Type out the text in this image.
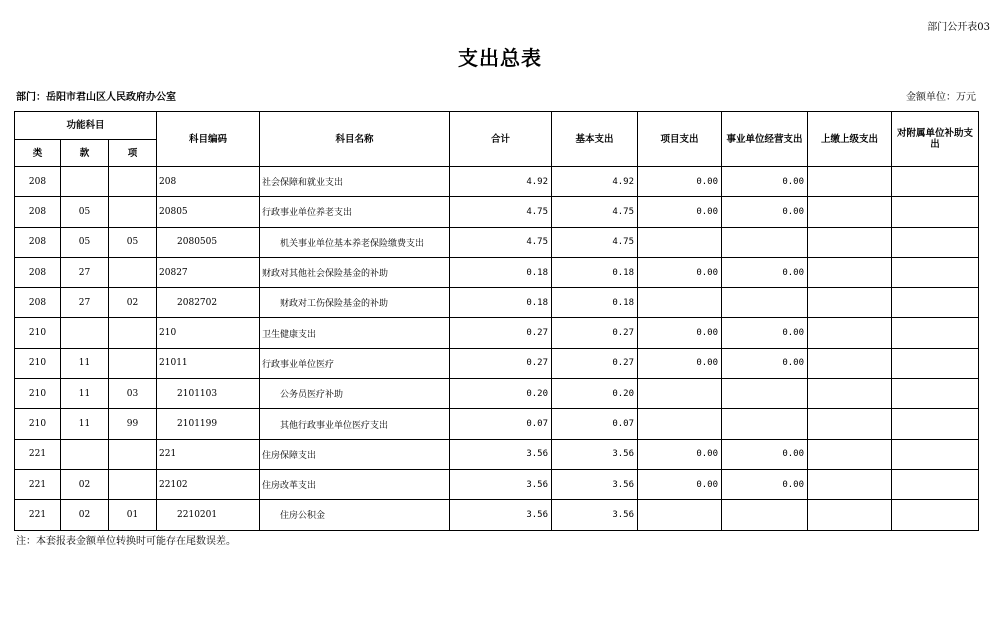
部门公开表03
支出总表
部门：岳阳市君山区人民政府办公室	金额单位：万元
功能科目			科目编码	科目名称	合计	基本支出	项目支出	事业单位经营支出	上缴上级支出	对附属单位补助支出
类	款	项								
208			208	社会保障和就业支出	4.92	4.92	0.00	0.00		
208	05		20805	行政事业单位养老支出	4.75	4.75	0.00	0.00		
208	05	05	2080505	机关事业单位基本养老保险缴费支出	4.75	4.75				
208	27		20827	财政对其他社会保险基金的补助	0.18	0.18	0.00	0.00		
208	27	02	2082702	财政对工伤保险基金的补助	0.18	0.18				
210			210	卫生健康支出	0.27	0.27	0.00	0.00		
210	11		21011	行政事业单位医疗	0.27	0.27	0.00	0.00		
210	11	03	2101103	公务员医疗补助	0.20	0.20				
210	11	99	2101199	其他行政事业单位医疗支出	0.07	0.07				
221			221	住房保障支出	3.56	3.56	0.00	0.00		
221	02		22102	住房改革支出	3.56	3.56	0.00	0.00		
221	02	01	2210201	住房公积金	3.56	3.56				
注：本套报表金额单位转换时可能存在尾数误差。
